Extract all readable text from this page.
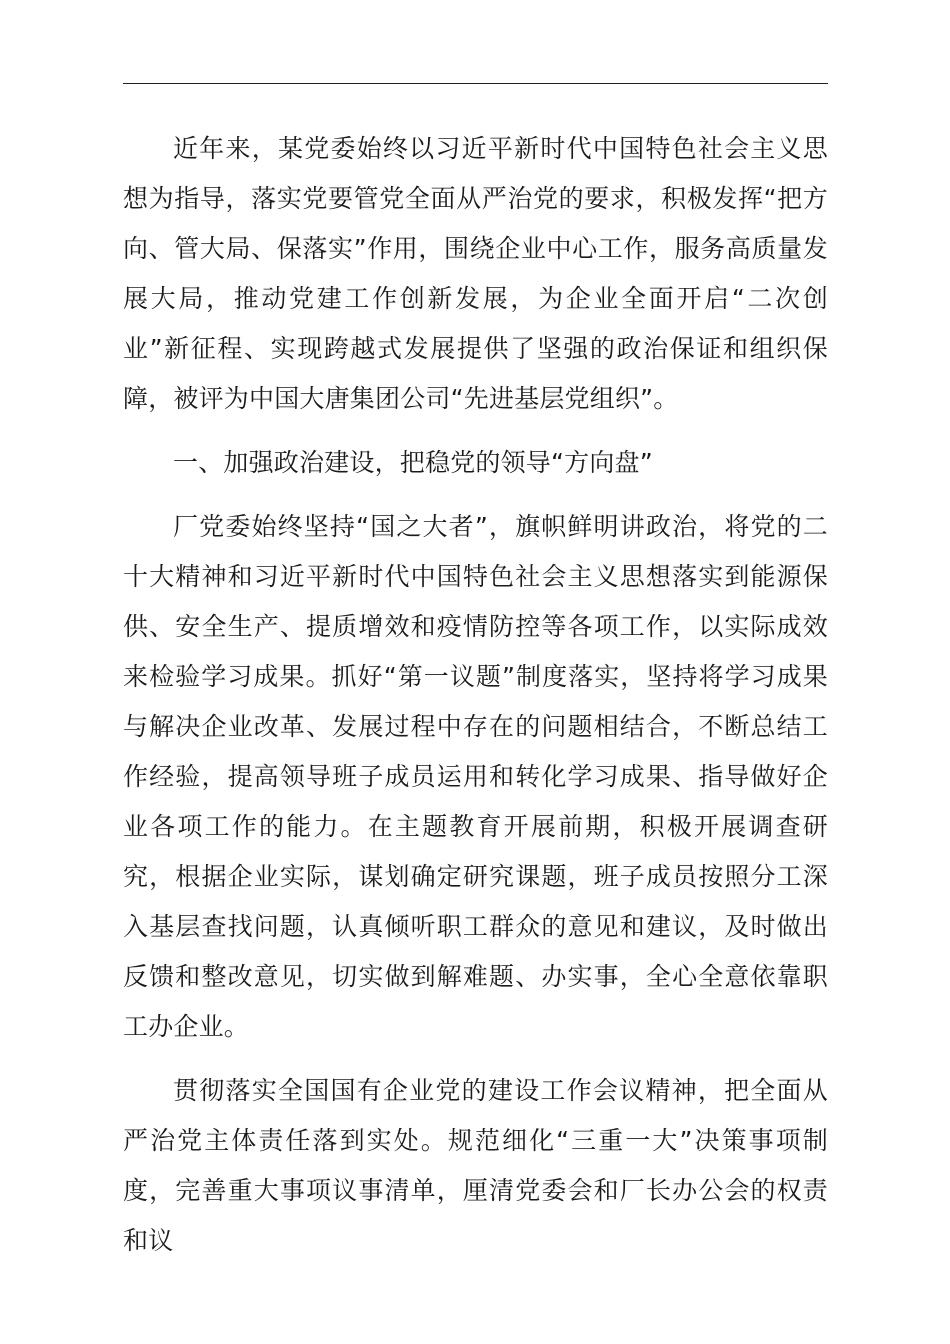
近年来，某党委始终以习近平新时代中国特色社会主义思想为指导，落实党要管党全面从严治党的要求，积极发挥“把方向、管大局、保落实”作用，围绕企业中心工作，服务高质量发展大局，推动党建工作创新发展，为企业全面开启“二次创业”新征程、实现跨越式发展提供了坚强的政治保证和组织保障，被评为中国大唐集团公司“先进基层党组织”。

一、加强政治建设，把稳党的领导“方向盘”

厂党委始终坚持“国之大者”，旗帜鲜明讲政治，将党的二十大精神和习近平新时代中国特色社会主义思想落实到能源保供、安全生产、提质增效和疫情防控等各项工作，以实际成效来检验学习成果。抓好“第一议题”制度落实，坚持将学习成果与解决企业改革、发展过程中存在的问题相结合，不断总结工作经验，提高领导班子成员运用和转化学习成果、指导做好企业各项工作的能力。在主题教育开展前期，积极开展调查研究，根据企业实际，谋划确定研究课题，班子成员按照分工深入基层查找问题，认真倾听职工群众的意见和建议，及时做出反馈和整改意见，切实做到解难题、办实事，全心全意依靠职工办企业。

贯彻落实全国国有企业党的建设工作会议精神，把全面从严治党主体责任落到实处。规范细化“三重一大”决策事项制度，完善重大事项议事清单，厘清党委会和厂长办公会的权责和议
